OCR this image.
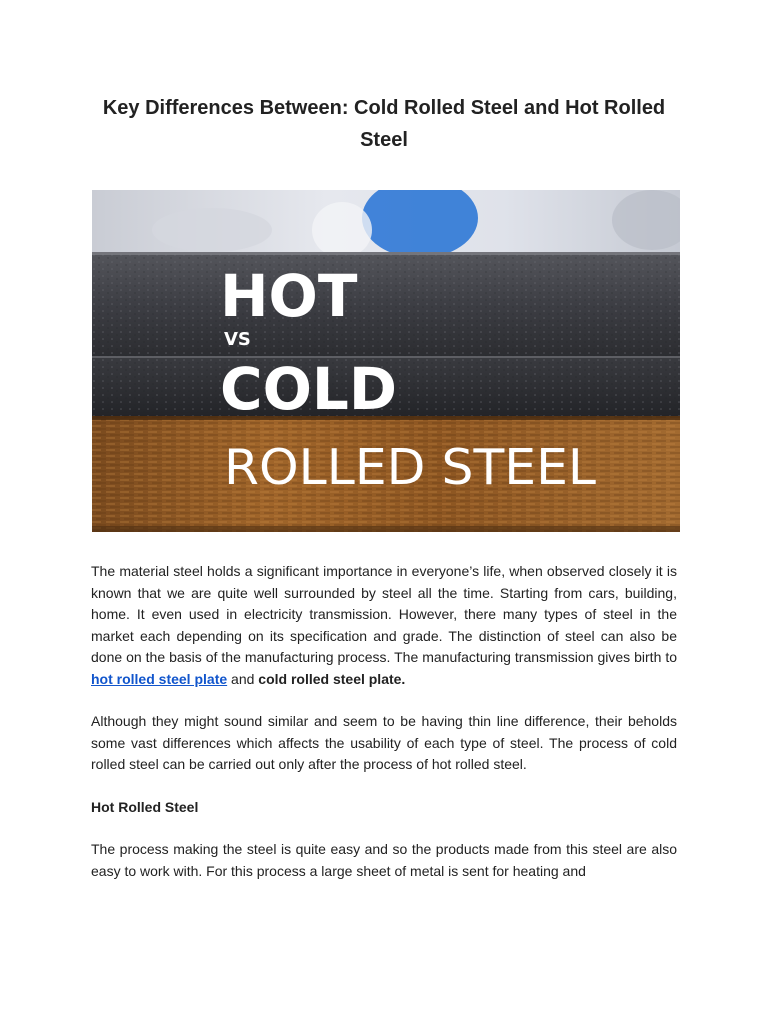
Key Differences Between: Cold Rolled Steel and Hot Rolled Steel
HOT
VS
COLD
ROLLED STEEL

The material steel holds a significant importance in everyone’s life, when observed closely it is known that we are quite well surrounded by steel all the time. Starting from cars, building, home. It even used in electricity transmission. However, there many types of steel in the market each depending on its specification and grade. The distinction of steel can also be done on the basis of the manufacturing process. The manufacturing transmission gives birth to hot rolled steel plate and cold rolled steel plate.

Although they might sound similar and seem to be having thin line difference, their beholds some vast differences which affects the usability of each type of steel. The process of cold rolled steel can be carried out only after the process of hot rolled steel.

Hot Rolled Steel

The process making the steel is quite easy and so the products made from this steel are also easy to work with. For this process a large sheet of metal is sent for heating and
